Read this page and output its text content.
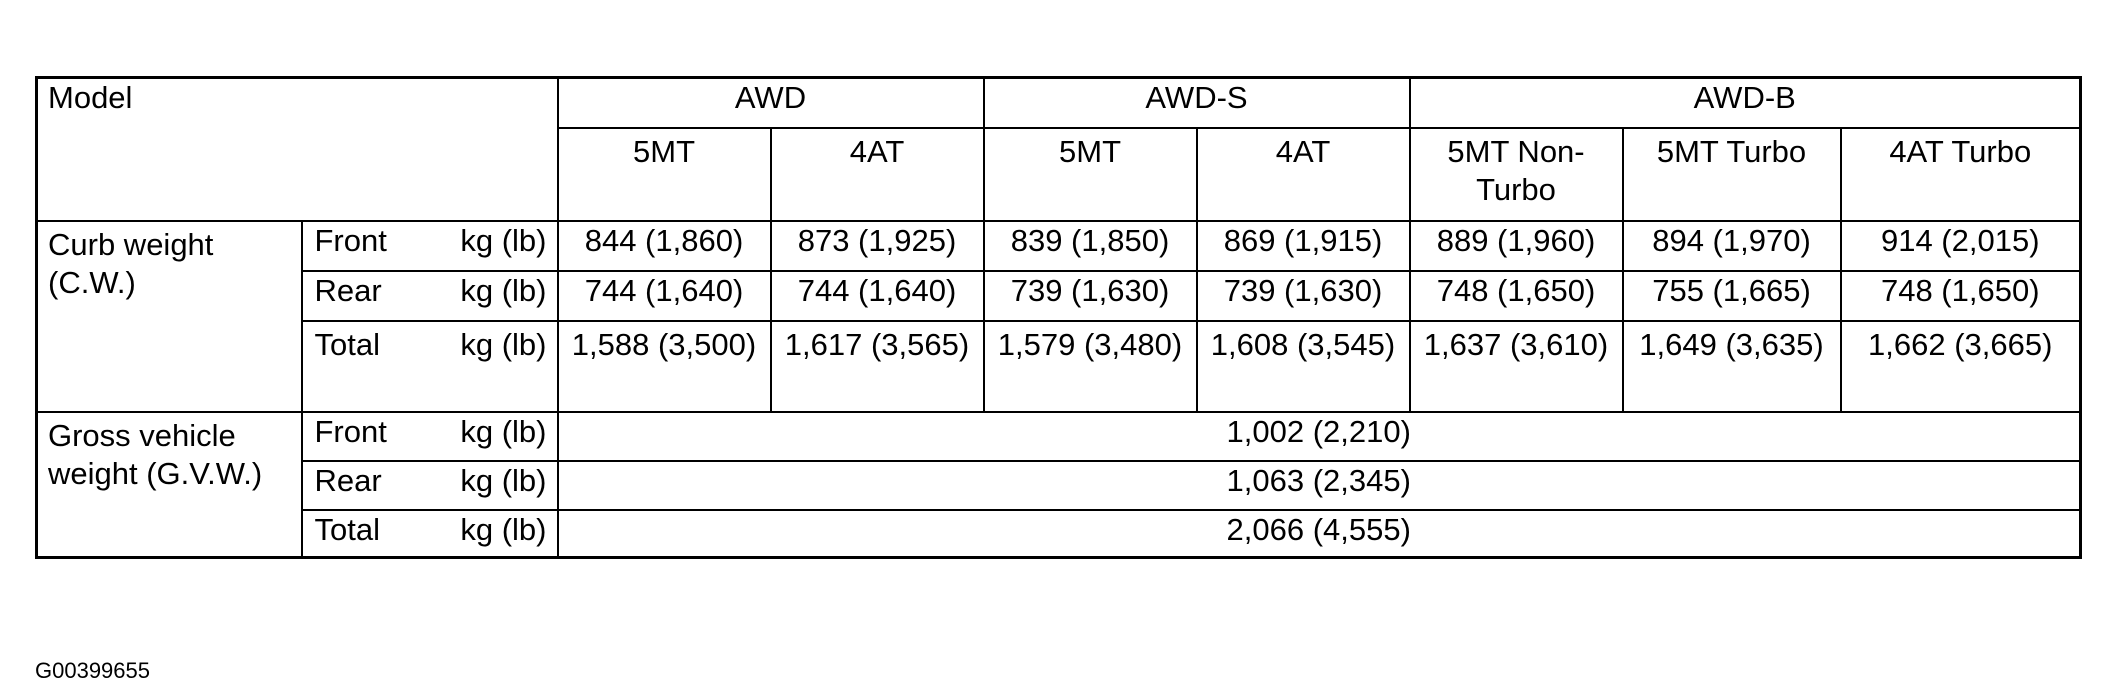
Model		AWD		AWD-S		AWD-B		
		5MT	4AT	5MT	4AT	5MT Non-Turbo	5MT Turbo	4AT Turbo
Curb weight (C.W.)	Front kg (lb)	844 (1,860)	873 (1,925)	839 (1,850)	869 (1,915)	889 (1,960)	894 (1,970)	914 (2,015)

	Rear kg (lb)	744 (1,640)	744 (1,640)	739 (1,630)	739 (1,630)	748 (1,650)	755 (1,665)	748 (1,650)

	Total kg (lb)	1,588 (3,500)	1,617 (3,565)	1,579 (3,480)	1,608 (3,545)	1,637 (3,610)	1,649 (3,635)	1,662 (3,665)
Gross vehicle weight (G.V.W.)	Front kg (lb)	1,002 (2,210)						

	Rear kg (lb)	1,063 (2,345)						

	Total kg (lb)	2,066 (4,555)						
G00399655
